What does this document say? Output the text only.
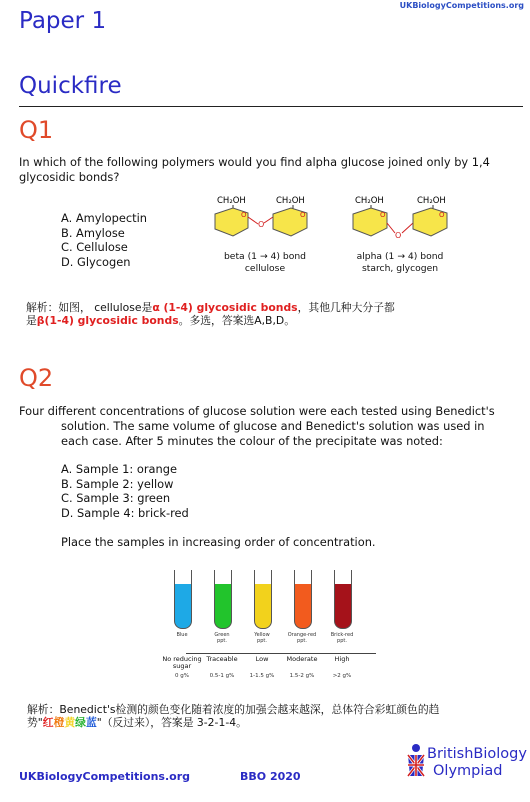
UKBiologyCompetitions.org
Paper 1
Quickfire
Q1
In which of the following polymers would you find alpha glucose joined only by 1,4 glycosidic bonds?
A. Amylopectin
B. Amylose
C. Cellulose
D. Glycogen
CH₂OH
O
O
CH₂OH
O
CH₂OH
O
O
CH₂OH
O
beta (1 → 4) bond
cellulose
alpha (1 → 4) bond
starch, glycogen
解析：如图， cellulose是α (1-4) glycosidic bonds，其他几种大分子都
是β(1-4) glycosidic bonds。多选，答案选A,B,D。
Q2
Four different concentrations of glucose solution were each tested using Benedict's
solution. The same volume of glucose and Benedict's solution was used in
each case. After 5 minutes the colour of the precipitate was noted:
A. Sample 1: orange
B. Sample 2: yellow
C. Sample 3: green
D. Sample 4: brick-red
Place the samples in increasing order of concentration.
Blue
No reducing sugar
0 g%
Green
ppt.
Traceable
0.5-1 g%
Yellow
ppt.
Low
1-1.5 g%
Orange-red
ppt.
Moderate
1.5-2 g%
Brick-red
ppt.
High
>2 g%
解析：Benedict's检测的颜色变化随着浓度的加强会越来越深，总体符合彩虹颜色的趋
势"红橙黄绿蓝"（反过来），答案是 3-2-1-4。
UKBiologyCompetitions.org	BBO 2020
BritishBiology
Olympiad
